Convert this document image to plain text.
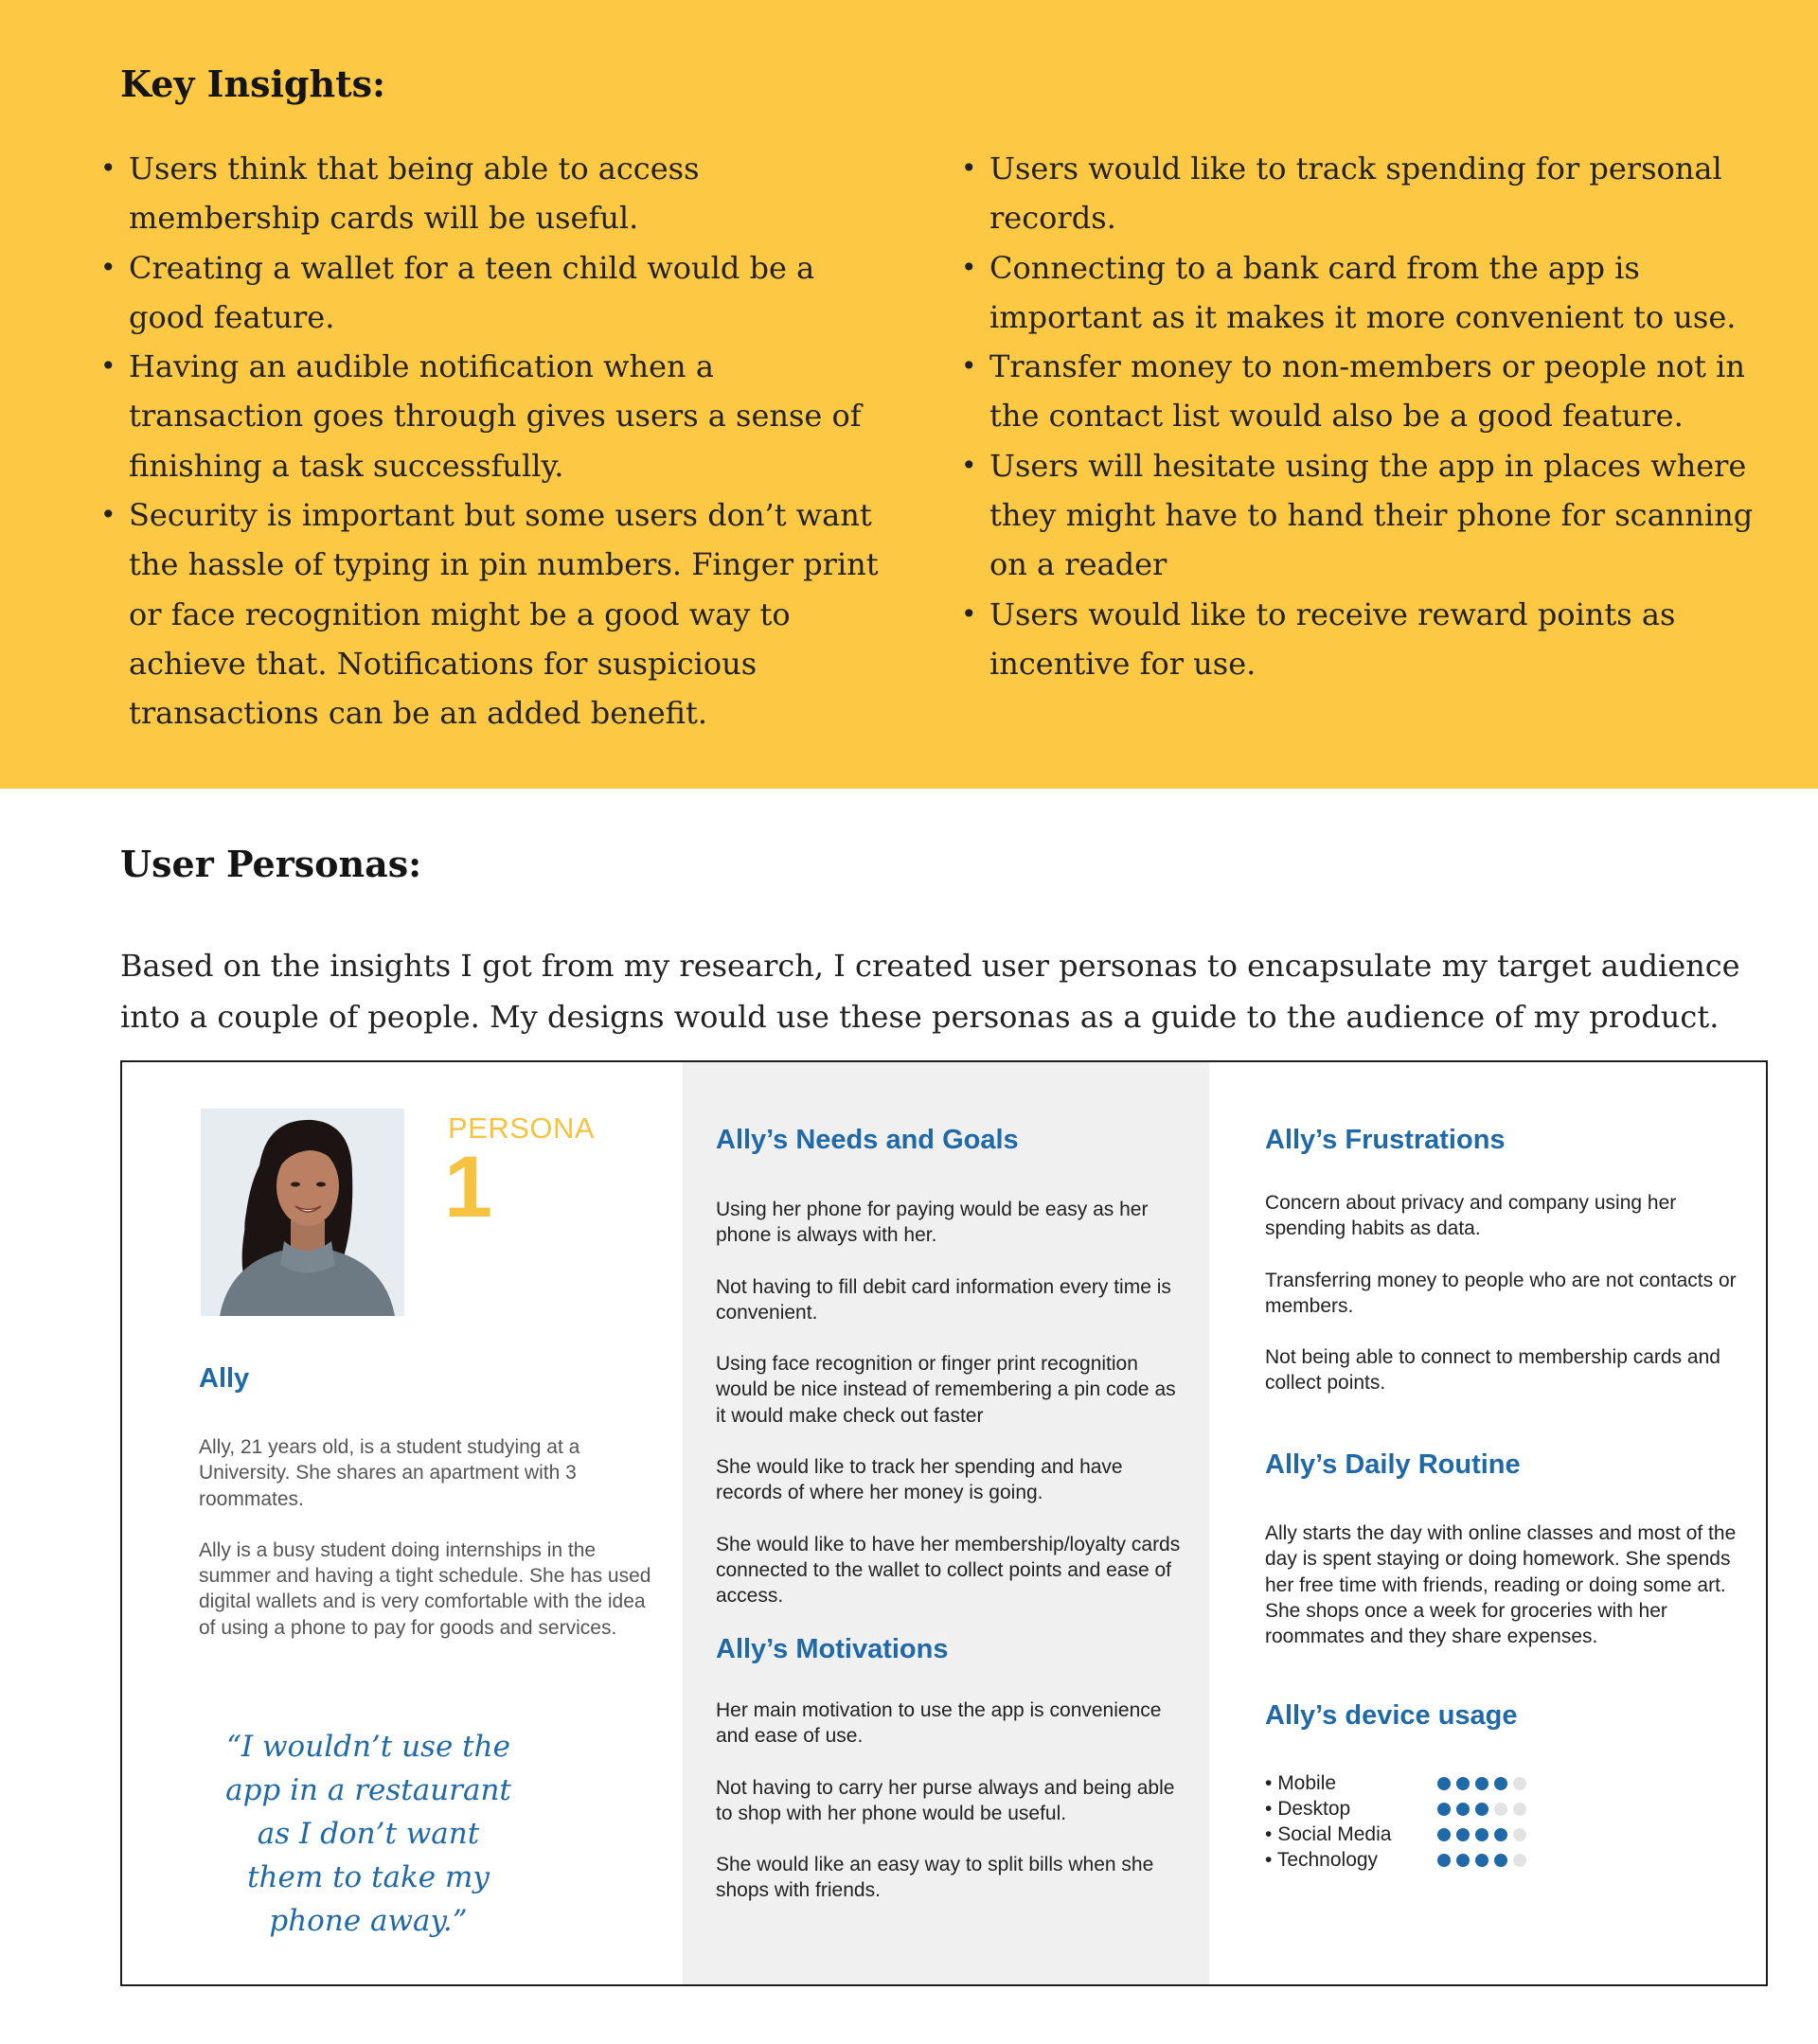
Key Insights:
• Users think that being able to access membership cards will be useful.
• Creating a wallet for a teen child would be a good feature.
• Having an audible notification when a transaction goes through gives users a sense of finishing a task successfully.
• Security is important but some users don’t want the hassle of typing in pin numbers. Finger print or face recognition might be a good way to achieve that. Notifications for suspicious transactions can be an added benefit.
• Users would like to track spending for personal records.
• Connecting to a bank card from the app is important as it makes it more convenient to use.
• Transfer money to non-members or people not in the contact list would also be a good feature.
• Users will hesitate using the app in places where they might have to hand their phone for scanning on a reader
• Users would like to receive reward points as incentive for use.
User Personas:

Based on the insights I got from my research, I created user personas to encapsulate my target audience into a couple of people. My designs would use these personas as a guide to the audience of my product.

PERSONA
1
Ally

Ally, 21 years old, is a student studying at a University. She shares an apartment with 3 roommates.

Ally is a busy student doing internships in the summer and having a tight schedule. She has used digital wallets and is very comfortable with the idea of using a phone to pay for goods and services.

“I wouldn’t use the app in a restaurant as I don’t want them to take my phone away.”

Ally’s Needs and Goals

Using her phone for paying would be easy as her phone is always with her.

Not having to fill debit card information every time is convenient.

Using face recognition or finger print recognition would be nice instead of remembering a pin code as it would make check out faster

She would like to track her spending and have records of where her money is going.

She would like to have her membership/loyalty cards connected to the wallet to collect points and ease of access.

Ally’s Motivations

Her main motivation to use the app is convenience and ease of use.

Not having to carry her purse always and being able to shop with her phone would be useful.

She would like an easy way to split bills when she shops with friends.

Ally’s Frustrations

Concern about privacy and company using her spending habits as data.

Transferring money to people who are not contacts or members.

Not being able to connect to membership cards and collect points.

Ally’s Daily Routine

Ally starts the day with online classes and most of the day is spent staying or doing homework. She spends her free time with friends, reading or doing some art. She shops once a week for groceries with her roommates and they share expenses.

Ally’s device usage
• Mobile
• Desktop
• Social Media
• Technology
